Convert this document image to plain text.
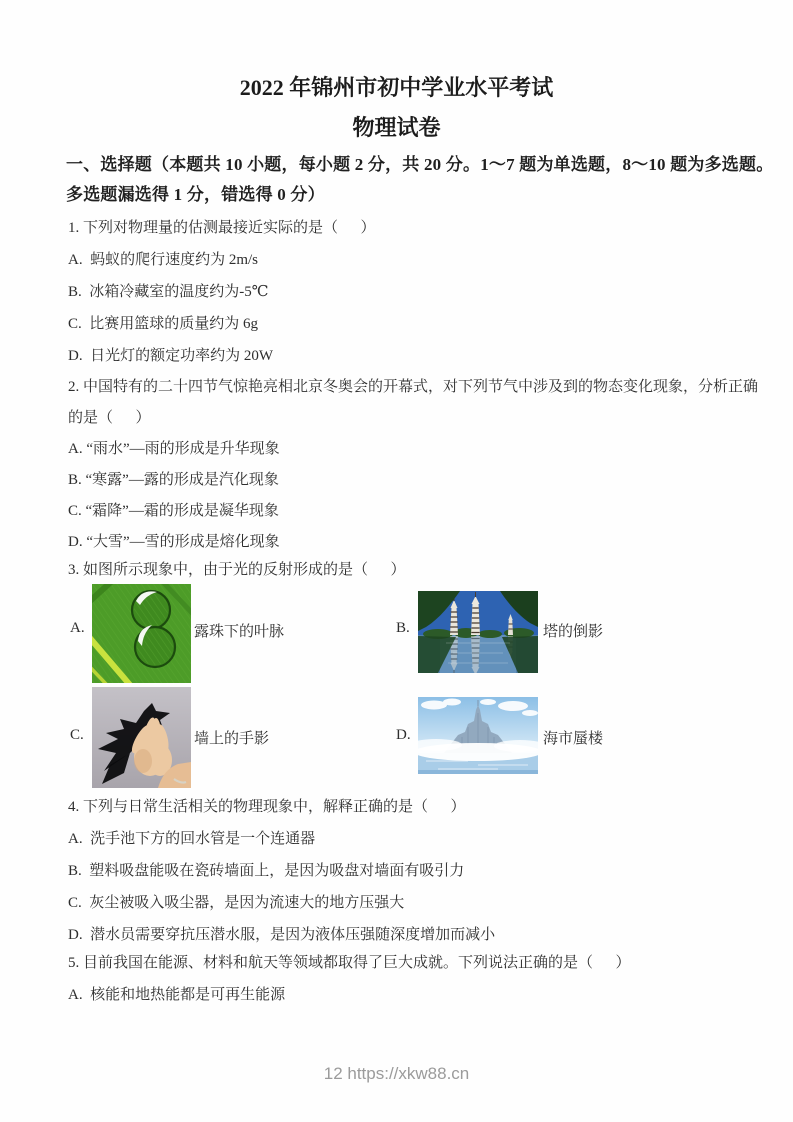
2022 年锦州市初中学业水平考试
物理试卷
一、选择题（本题共 10 小题，每小题 2 分，共 20 分。1～7 题为单选题，8～10 题为多选题。
多选题漏选得 1 分，错选得 0 分）
1. 下列对物理量的估测最接近实际的是（      ）
A.  蚂蚁的爬行速度约为 2m/s
B.  冰箱冷藏室的温度约为-5℃
C.  比赛用篮球的质量约为 6g
D.  日光灯的额定功率约为 20W
2. 中国特有的二十四节气惊艳亮相北京冬奥会的开幕式，对下列节气中涉及到的物态变化现象，分析正确
的是（      ）
A. “雨水”—雨的形成是升华现象
B. “寒露”—露的形成是汽化现象
C. “霜降”—霜的形成是凝华现象
D. “大雪”—雪的形成是熔化现象
3. 如图所示现象中，由于光的反射形成的是（      ）
A.	露珠下的叶脉	B.	塔的倒影
C.	墙上的手影	D.	海市蜃楼
4. 下列与日常生活相关的物理现象中，解释正确的是（      ）
A.  洗手池下方的回水管是一个连通器
B.  塑料吸盘能吸在瓷砖墙面上，是因为吸盘对墙面有吸引力
C.  灰尘被吸入吸尘器，是因为流速大的地方压强大
D.  潜水员需要穿抗压潜水服，是因为液体压强随深度增加而减小
5. 目前我国在能源、材料和航天等领域都取得了巨大成就。下列说法正确的是（      ）
A.  核能和地热能都是可再生能源
12 https://xkw88.cn
